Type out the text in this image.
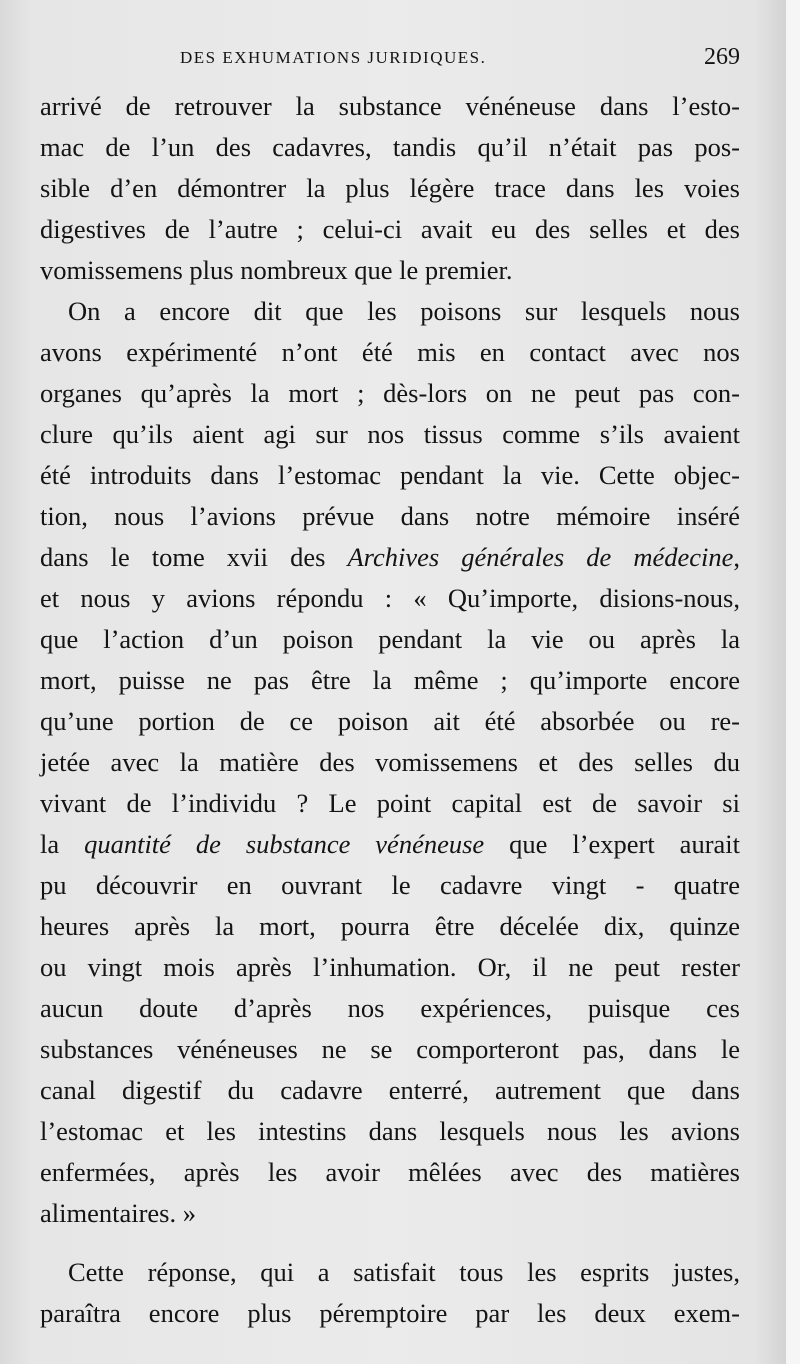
DES EXHUMATIONS JURIDIQUES.	269
arrivé de retrouver la substance vénéneuse dans l’esto-
mac de l’un des cadavres, tandis qu’il n’était pas pos-
sible d’en démontrer la plus légère trace dans les voies
digestives de l’autre ; celui-ci avait eu des selles et des
vomissemens plus nombreux que le premier.
On a encore dit que les poisons sur lesquels nous
avons expérimenté n’ont été mis en contact avec nos
organes qu’après la mort ; dès-lors on ne peut pas con-
clure qu’ils aient agi sur nos tissus comme s’ils avaient
été introduits dans l’estomac pendant la vie. Cette objec-
tion, nous l’avions prévue dans notre mémoire inséré
dans le tome xvii des Archives générales de médecine,
et nous y avions répondu : « Qu’importe, disions-nous,
que l’action d’un poison pendant la vie ou après la
mort, puisse ne pas être la même ; qu’importe encore
qu’une portion de ce poison ait été absorbée ou re-
jetée avec la matière des vomissemens et des selles du
vivant de l’individu ? Le point capital est de savoir si
la quantité de substance vénéneuse que l’expert aurait
pu découvrir en ouvrant le cadavre vingt - quatre
heures après la mort, pourra être décelée dix, quinze
ou vingt mois après l’inhumation. Or, il ne peut rester
aucun doute d’après nos expériences, puisque ces
substances vénéneuses ne se comporteront pas, dans le
canal digestif du cadavre enterré, autrement que dans
l’estomac et les intestins dans lesquels nous les avions
enfermées, après les avoir mêlées avec des matières
alimentaires. »
Cette réponse, qui a satisfait tous les esprits justes,
paraîtra encore plus péremptoire par les deux exem-
